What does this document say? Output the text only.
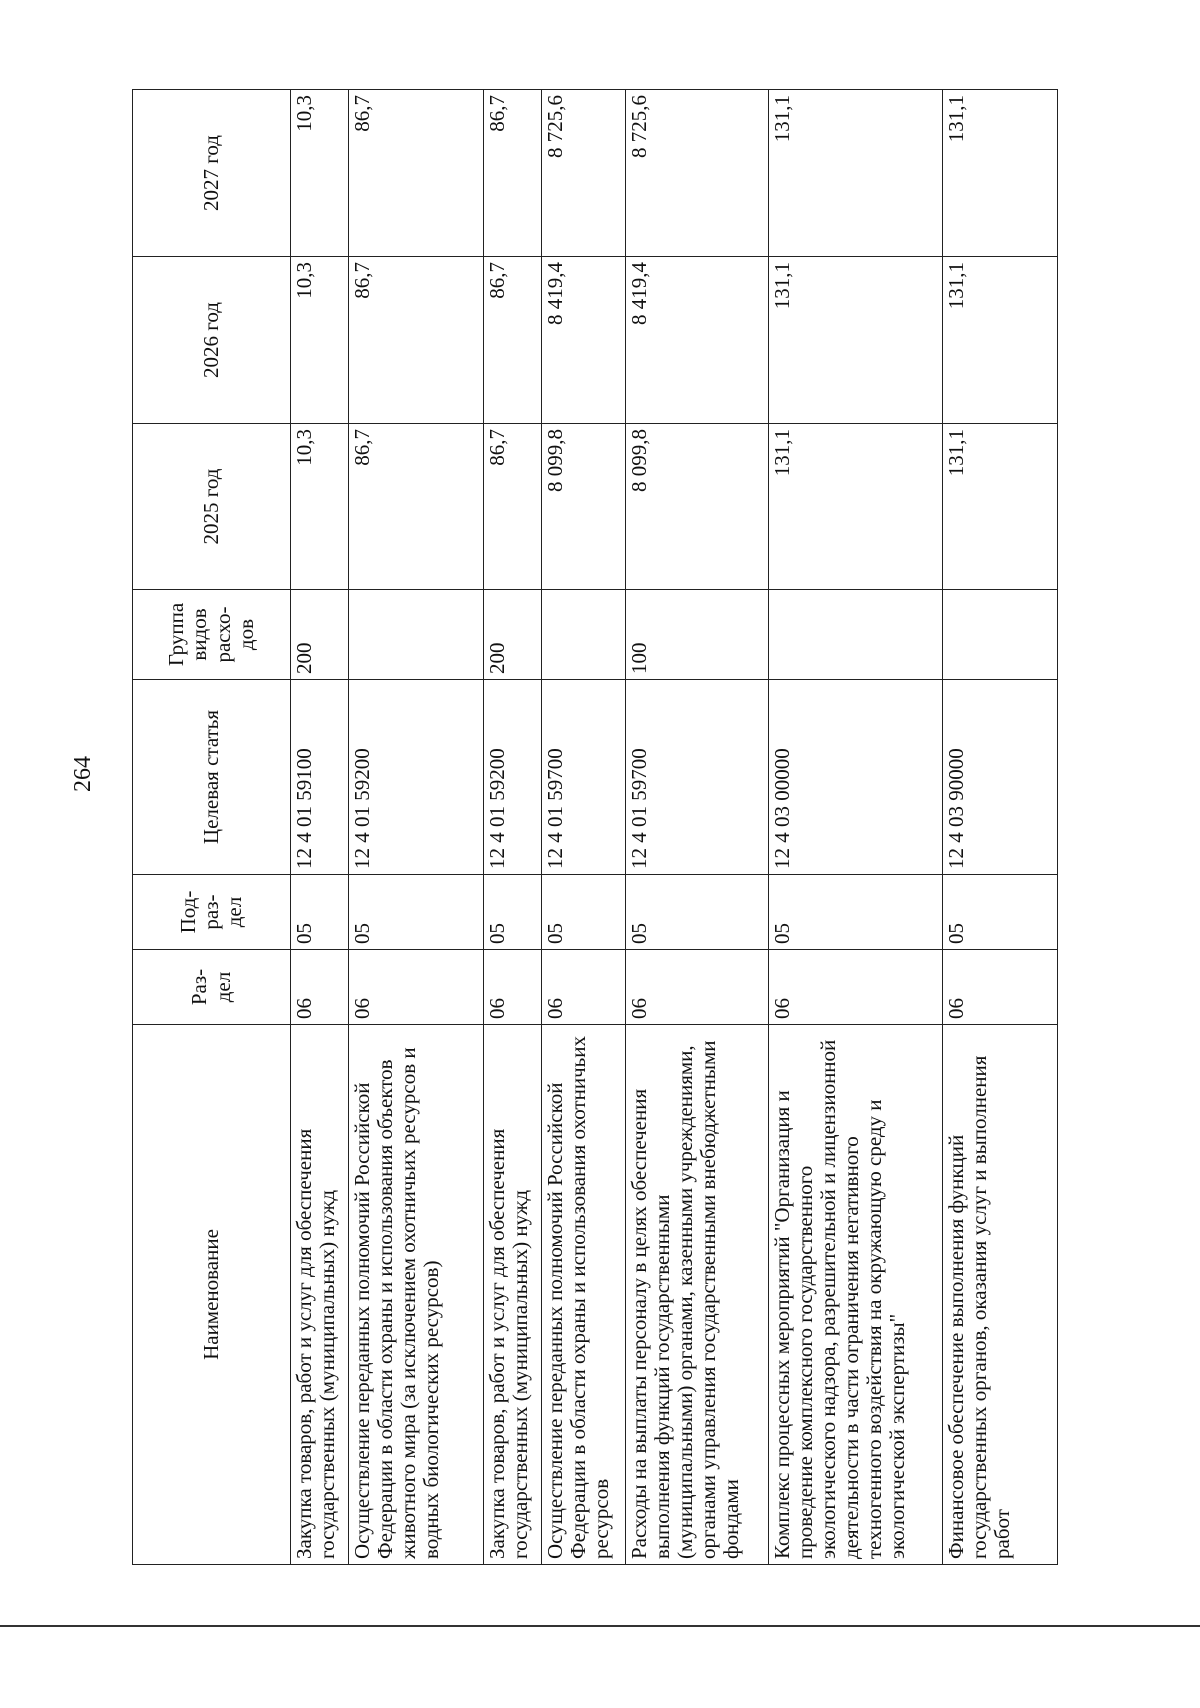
264
Наименование	Раз-дел	Под-раз-дел	Целевая статья	Группа видов расхо-дов	2025 год	2026 год	2027 год
Закупка товаров, работ и услуг для обеспечения государственных (муниципальных) нужд	06	05	12 4 01 59100	200	10,3	10,3	10,3
Осуществление переданных полномочий Российской Федерации в области охраны и использования объектов животного мира (за исключением охотничьих ресурсов и водных биологических ресурсов)	06	05	12 4 01 59200		86,7	86,7	86,7
Закупка товаров, работ и услуг для обеспечения государственных (муниципальных) нужд	06	05	12 4 01 59200	200	86,7	86,7	86,7
Осуществление переданных полномочий Российской Федерации в области охраны и использования охотничьих ресурсов	06	05	12 4 01 59700		8 099,8	8 419,4	8 725,6
Расходы на выплаты персоналу в целях обеспечения выполнения функций государственными (муниципальными) органами, казенными учреждениями, органами управления государственными внебюджетными фондами	06	05	12 4 01 59700	100	8 099,8	8 419,4	8 725,6
Комплекс процессных мероприятий "Организация и проведение комплексного государственного экологического надзора, разрешительной и лицензионной деятельности в части ограничения негативного техногенного воздействия на окружающую среду и экологической экспертизы"	06	05	12 4 03 00000		131,1	131,1	131,1
Финансовое обеспечение выполнения функций государственных органов, оказания услуг и выполнения работ	06	05	12 4 03 90000		131,1	131,1	131,1
